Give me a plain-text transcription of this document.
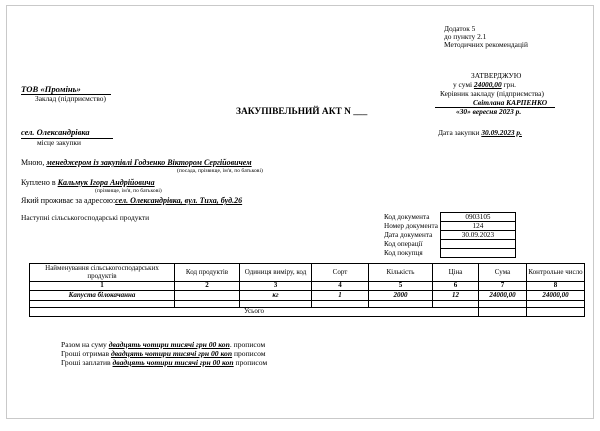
Додаток 5
до пункту 2.1
Методичних рекомендацій
ЗАТВЕРДЖУЮ
у сумі 24000,00 грн.
Керівник закладу (підприємства)
Світлана КАРПЕНКО
«30» вересня 2023 р.
Дата закупки 30.09.2023 р.
ТОВ «Промінь»
Заклад (підприємство)
ЗАКУПІВЕЛЬНИЙ АКТ N ___
сел. Олександрівка
місце закупки
Мною, менеджером із закупівлі Годзенко Віктором Сергійовичем
(посада, прізвище, ім'я, по батькові)
Куплено в Кальмук Ігора Андрійовича
(прізвище, ім'я, по батькові)
Який проживає за адресою:сел. Олександрівка, вул. Тиха, буд.26
Наступні сільськогосподарські продукти	Код документа	0903105
Номер документа	124
Дата документа	30.09.2023
Код операції	
Код покупця	
Найменування сільськогосподарських продуктів	Код продуктів	Одиниця виміру, код	Сорт	Кількість	Ціна	Сума	Контрольне число
1	2	3	4	5	6	7	8
Капуста білокачанна		кг	1	2000	12	24000,00	24000,00

Усього							
Разом на суму двадцять чотири тисячі грн 00 коп. прописом
Гроші отримав двадцять чотири тисячі грн 00 коп прописом
Гроші заплатив двадцять чотири тисячі грн 00 коп прописом
